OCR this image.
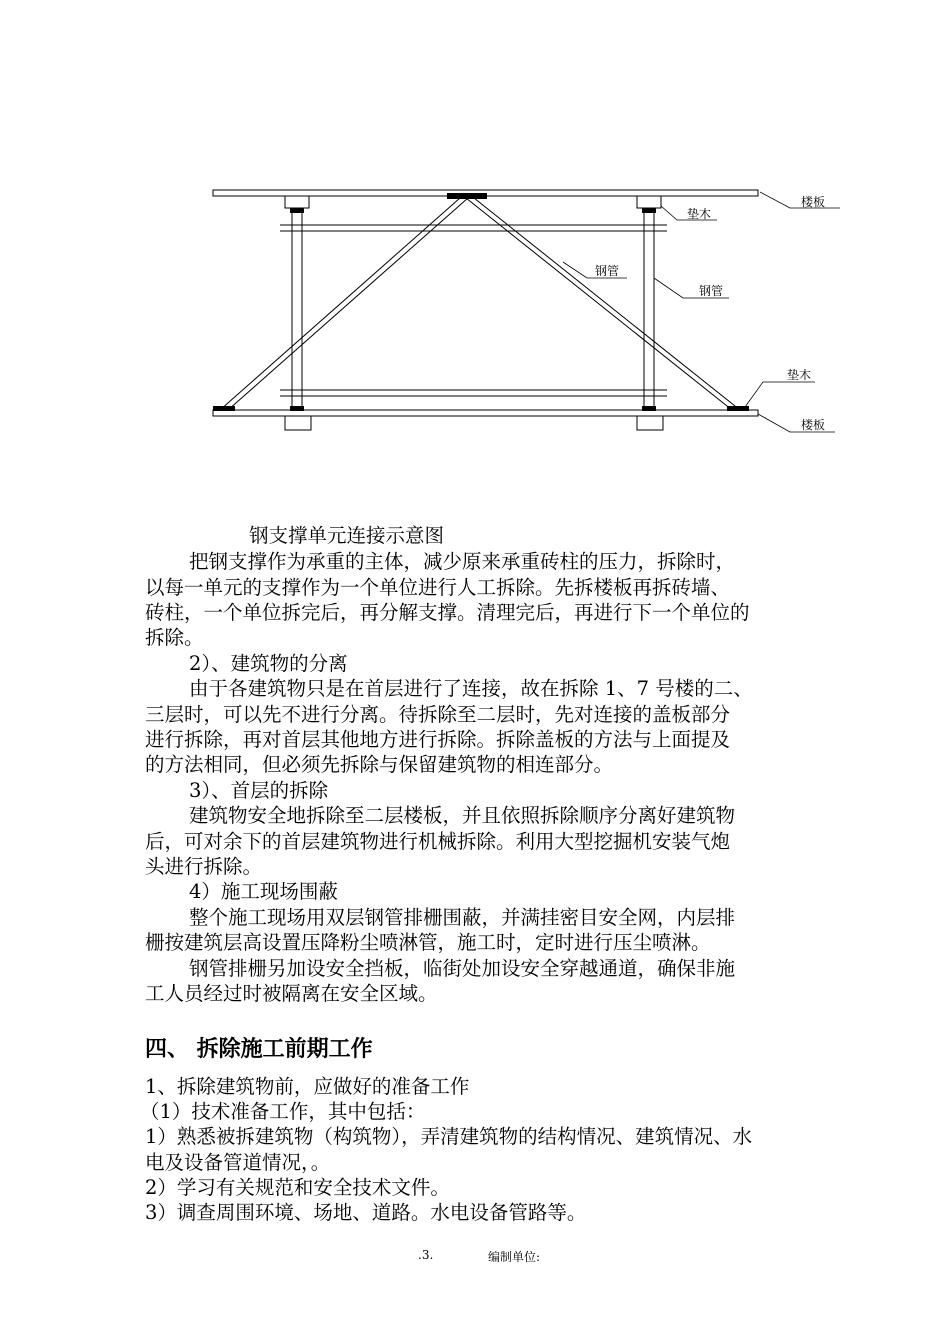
楼板
垫木
钢管
钢管
垫木
楼板
钢支撑单元连接示意图
把钢支撑作为承重的主体，减少原来承重砖柱的压力，拆除时，
以每一单元的支撑作为一个单位进行人工拆除。先拆楼板再拆砖墙、
砖柱，一个单位拆完后，再分解支撑。清理完后，再进行下一个单位的
拆除。
2）、建筑物的分离
由于各建筑物只是在首层进行了连接，故在拆除 1、7 号楼的二、
三层时，可以先不进行分离。待拆除至二层时，先对连接的盖板部分
进行拆除，再对首层其他地方进行拆除。拆除盖板的方法与上面提及
的方法相同，但必须先拆除与保留建筑物的相连部分。
3）、首层的拆除
建筑物安全地拆除至二层楼板，并且依照拆除顺序分离好建筑物
后，可对余下的首层建筑物进行机械拆除。利用大型挖掘机安装气炮
头进行拆除。
4）施工现场围蔽
整个施工现场用双层钢管排栅围蔽，并满挂密目安全网，内层排
栅按建筑层高设置压降粉尘喷淋管，施工时，定时进行压尘喷淋。
钢管排栅另加设安全挡板，临街处加设安全穿越通道，确保非施
工人员经过时被隔离在安全区域。
四、 拆除施工前期工作
1、拆除建筑物前，应做好的准备工作
（1）技术准备工作，其中包括：
1）熟悉被拆建筑物（构筑物），弄清建筑物的结构情况、建筑情况、水
电及设备管道情况，。
2）学习有关规范和安全技术文件。
3）调查周围环境、场地、道路。水电设备管路等。
.3.	编制单位:
